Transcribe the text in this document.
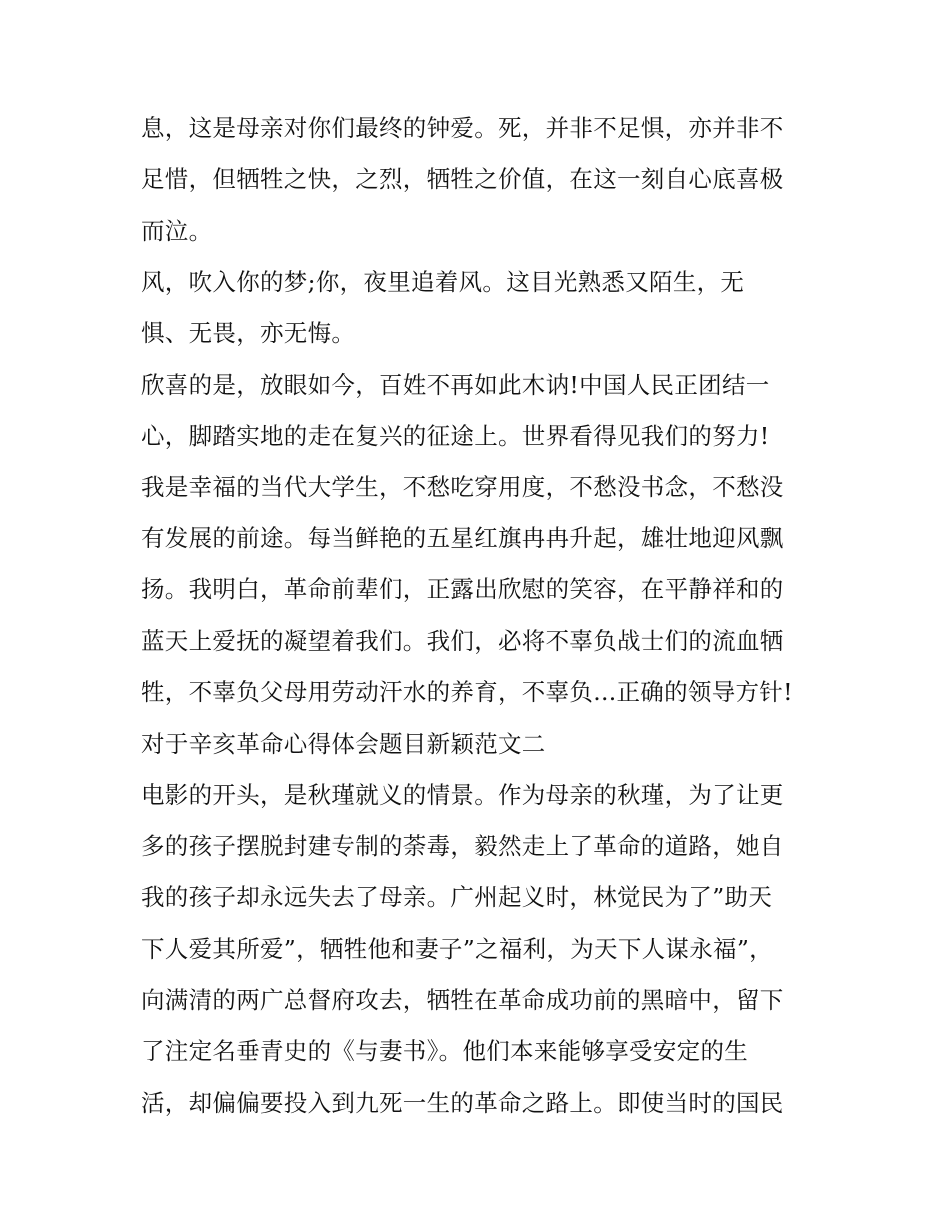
息，这是母亲对你们最终的钟爱。死，并非不足惧，亦并非不
足惜，但牺牲之快，之烈，牺牲之价值，在这一刻自心底喜极
而泣。
风，吹入你的梦;你，夜里追着风。这目光熟悉又陌生，无
惧、无畏，亦无悔。
欣喜的是，放眼如今，百姓不再如此木讷!中国人民正团结一
心，脚踏实地的走在复兴的征途上。世界看得见我们的努力!
我是幸福的当代大学生，不愁吃穿用度，不愁没书念，不愁没
有发展的前途。每当鲜艳的五星红旗冉冉升起，雄壮地迎风飘
扬。我明白，革命前辈们，正露出欣慰的笑容，在平静祥和的
蓝天上爱抚的凝望着我们。我们，必将不辜负战士们的流血牺
牲，不辜负父母用劳动汗水的养育，不辜负...正确的领导方针!
对于辛亥革命心得体会题目新颖范文二
电影的开头，是秋瑾就义的情景。作为母亲的秋瑾，为了让更
多的孩子摆脱封建专制的荼毒，毅然走上了革命的道路，她自
我的孩子却永远失去了母亲。广州起义时，林觉民为了”助天
下人爱其所爱”，牺牲他和妻子”之福利，为天下人谋永福”，
向满清的两广总督府攻去，牺牲在革命成功前的黑暗中，留下
了注定名垂青史的《与妻书》。他们本来能够享受安定的生
活，却偏偏要投入到九死一生的革命之路上。即使当时的国民
